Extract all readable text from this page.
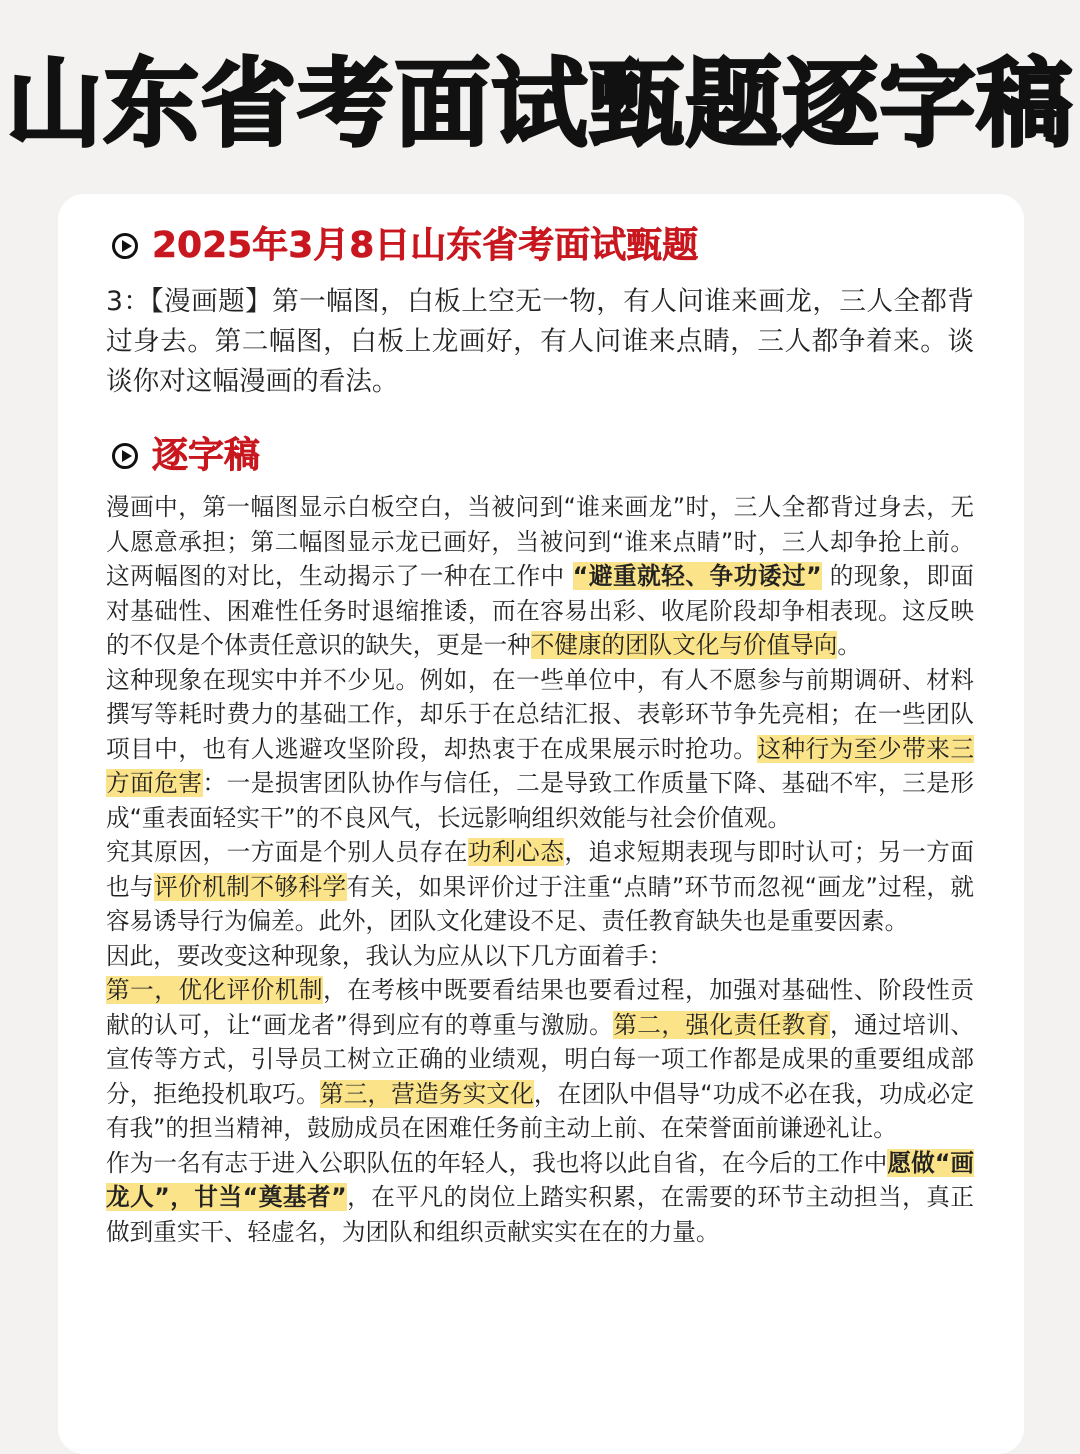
山东省考面试甄题逐字稿
2025年3月8日山东省考面试甄题
3：【漫画题】第一幅图，白板上空无一物，有人问谁来画龙，三人全都背过身去。第二幅图，白板上龙画好，有人问谁来点睛，三人都争着来。谈谈你对这幅漫画的看法。
逐字稿

漫画中，第一幅图显示白板空白，当被问到“谁来画龙”时，三人全都背过身去，无人愿意承担；第二幅图显示龙已画好，当被问到“谁来点睛”时，三人却争抢上前。这两幅图的对比，生动揭示了一种在工作中 “避重就轻、争功诿过” 的现象，即面对基础性、困难性任务时退缩推诿，而在容易出彩、收尾阶段却争相表现。这反映的不仅是个体责任意识的缺失，更是一种不健康的团队文化与价值导向。

这种现象在现实中并不少见。例如，在一些单位中，有人不愿参与前期调研、材料撰写等耗时费力的基础工作，却乐于在总结汇报、表彰环节争先亮相；在一些团队项目中，也有人逃避攻坚阶段，却热衷于在成果展示时抢功。这种行为至少带来三方面危害：一是损害团队协作与信任，二是导致工作质量下降、基础不牢，三是形成“重表面轻实干”的不良风气，长远影响组织效能与社会价值观。

究其原因，一方面是个别人员存在功利心态，追求短期表现与即时认可；另一方面也与评价机制不够科学有关，如果评价过于注重“点睛”环节而忽视“画龙”过程，就容易诱导行为偏差。此外，团队文化建设不足、责任教育缺失也是重要因素。

因此，要改变这种现象，我认为应从以下几方面着手：

第一，优化评价机制，在考核中既要看结果也要看过程，加强对基础性、阶段性贡献的认可，让“画龙者”得到应有的尊重与激励。第二，强化责任教育，通过培训、宣传等方式，引导员工树立正确的业绩观，明白每一项工作都是成果的重要组成部分，拒绝投机取巧。第三，营造务实文化，在团队中倡导“功成不必在我，功成必定有我”的担当精神，鼓励成员在困难任务前主动上前、在荣誉面前谦逊礼让。

作为一名有志于进入公职队伍的年轻人，我也将以此自省，在今后的工作中愿做“画龙人”，甘当“奠基者”，在平凡的岗位上踏实积累，在需要的环节主动担当，真正做到重实干、轻虚名，为团队和组织贡献实实在在的力量。
